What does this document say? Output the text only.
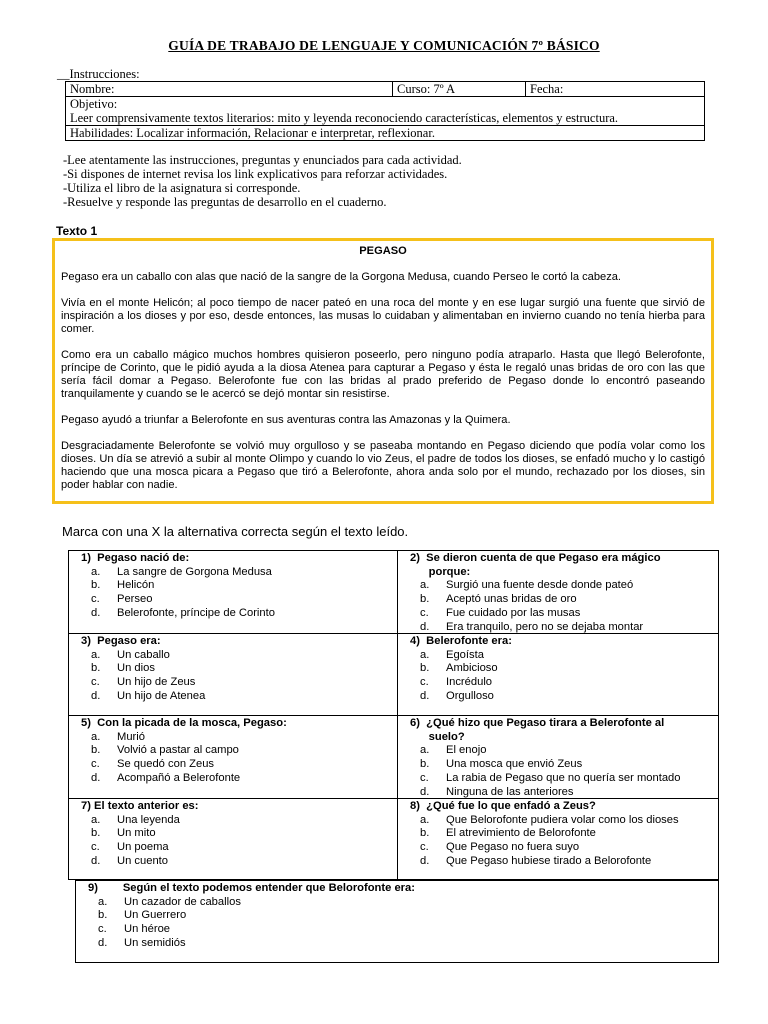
GUÍA DE TRABAJO DE LENGUAJE Y COMUNICACIÓN 7º BÁSICO
__Instrucciones:
Nombre:	Curso: 7º A	Fecha:

Objetivo:
Leer comprensivamente textos literarios: mito y leyenda reconociendo características, elementos y estructura.

Habilidades: Localizar información, Relacionar e interpretar, reflexionar.
-Lee atentamente las instrucciones, preguntas y enunciados para cada actividad.
-Si dispones de internet revisa los link explicativos para reforzar actividades.
-Utiliza el libro de la asignatura si corresponde.
-Resuelve y responde las preguntas de desarrollo en el cuaderno.
Texto 1
PEGASO

Pegaso era un caballo con alas que nació de la sangre de la Gorgona Medusa, cuando Perseo le cortó la cabeza.

Vivía en el monte Helicón; al poco tiempo de nacer pateó en una roca del monte y en ese lugar surgió una fuente que sirvió de inspiración a los dioses y por eso, desde entonces, las musas lo cuidaban y alimentaban en invierno cuando no tenía hierba para comer.

Como era un caballo mágico muchos hombres quisieron poseerlo, pero ninguno podía atraparlo. Hasta que llegó Belerofonte, príncipe de Corinto, que le pidió ayuda a la diosa Atenea para capturar a Pegaso y ésta le regaló unas bridas de oro con las que sería fácil domar a Pegaso. Belerofonte fue con las bridas al prado preferido de Pegaso donde lo encontró paseando tranquilamente y cuando se le acercó se dejó montar sin resistirse.

Pegaso ayudó a triunfar a Belerofonte en sus aventuras contra las Amazonas y la Quimera.

Desgraciadamente Belerofonte se volvió muy orgulloso y se paseaba montando en Pegaso diciendo que podía volar como los dioses. Un día se atrevió a subir al monte Olimpo y cuando lo vio Zeus, el padre de todos los dioses, se enfadó mucho y lo castigó haciendo que una mosca picara a Pegaso que tiró a Belerofonte, ahora anda solo por el mundo, rechazado por los dioses, sin poder hablar con nadie.

Marca con una X la alternativa correcta según el texto leído.
1)  Pegaso nació de:
a.	La sangre de Gorgona Medusa
b.	Helicón
c.	Perseo
d.	Belerofonte, príncipe de Corinto
2)  Se dieron cuenta de que Pegaso era mágico
porque:
a.	Surgió una fuente desde donde pateó
b.	Aceptó unas bridas de oro
c.	Fue cuidado por las musas
d.	Era tranquilo, pero no se dejaba montar
3)  Pegaso era:
a.	Un caballo
b.	Un dios
c.	Un hijo de Zeus
d.	Un hijo de Atenea
4)  Belerofonte era:
a.	Egoísta
b.	Ambicioso
c.	Incrédulo
d.	Orgulloso
5)  Con la picada de la mosca, Pegaso:
a.	Murió
b.	Volvió a pastar al campo
c.	Se quedó con Zeus
d.	Acompañó a Belerofonte
6)  ¿Qué hizo que Pegaso tirara a Belerofonte al
suelo?
a.	El enojo
b.	Una mosca que envió Zeus
c.	La rabia de Pegaso que no quería ser montado
d.	Ninguna de las anteriores
7) El texto anterior es:
a.	Una leyenda
b.	Un mito
c.	Un poema
d.	Un cuento
8)  ¿Qué fue lo que enfadó a Zeus?
a.	Que Belorofonte pudiera volar como los dioses
b.	El atrevimiento de Belorofonte
c.	Que Pegaso no fuera suyo
d.	Que Pegaso hubiese tirado a Belorofonte
9)        Según el texto podemos entender que Belorofonte era:
a.	Un cazador de caballos
b.	Un Guerrero
c.	Un héroe
d.	Un semidiós
